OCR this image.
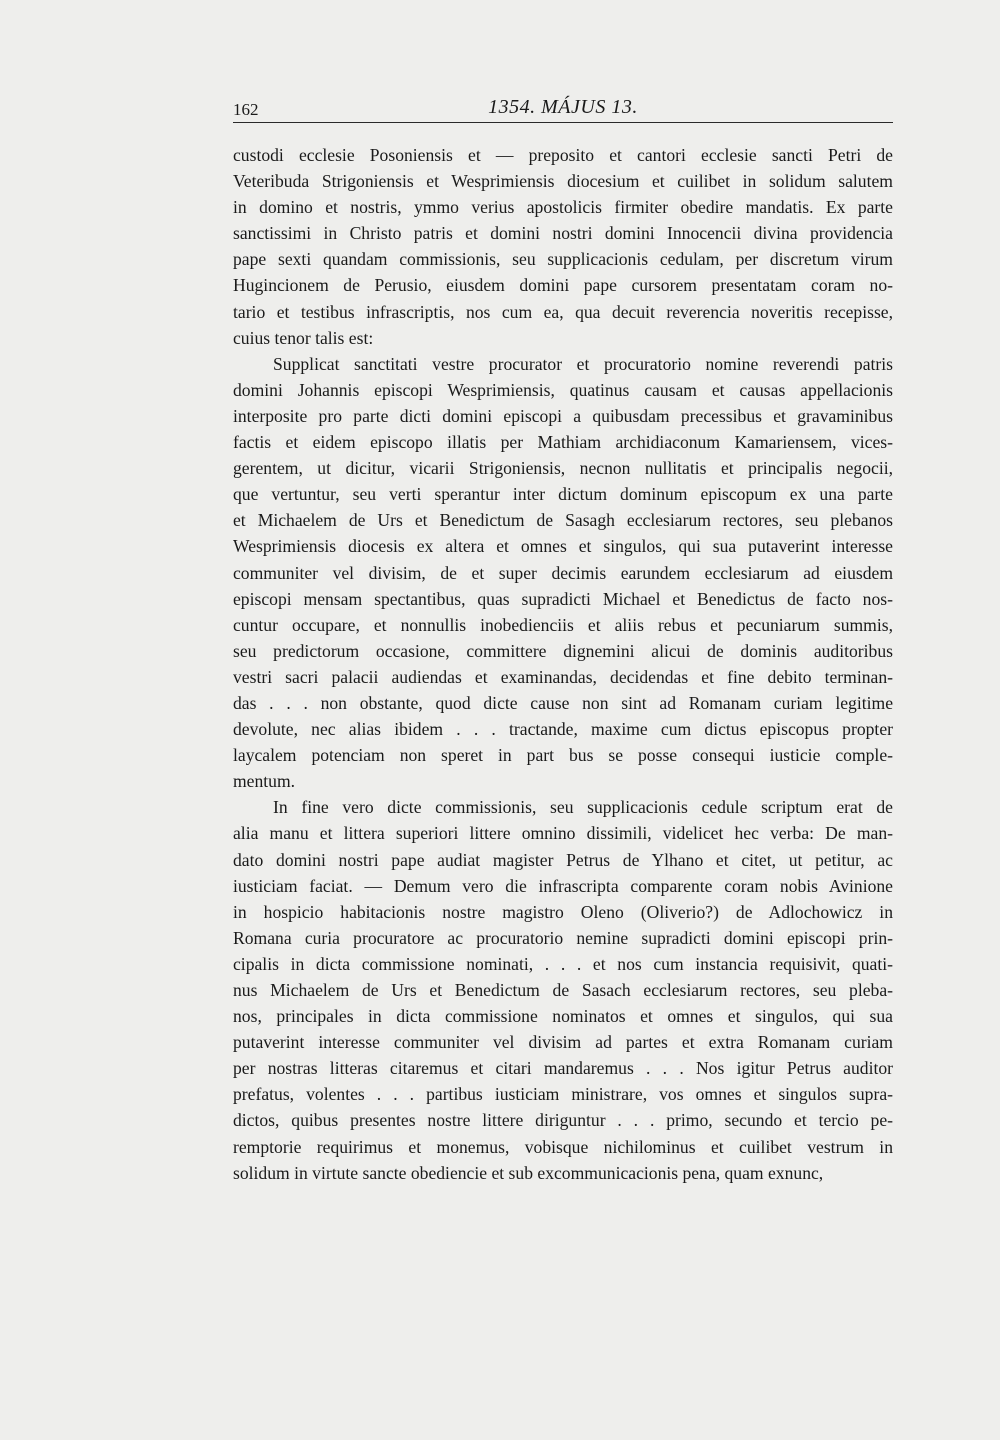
162	1354. MÁJUS 13.
custodi ecclesie Posoniensis et — preposito et cantori ecclesie sancti Petri de
Veteribuda Strigoniensis et Wesprimiensis diocesium et cuilibet in solidum salutem
in domino et nostris, ymmo verius apostolicis firmiter obedire mandatis. Ex parte
sanctissimi in Christo patris et domini nostri domini Innocencii divina providencia
pape sexti quandam commissionis, seu supplicacionis cedulam, per discretum virum
Hugincionem de Perusio, eiusdem domini pape cursorem presentatam coram no-
tario et testibus infrascriptis, nos cum ea, qua decuit reverencia noveritis recepisse,
cuius tenor talis est:
Supplicat sanctitati vestre procurator et procuratorio nomine reverendi patris
domini Johannis episcopi Wesprimiensis, quatinus causam et causas appellacionis
interposite pro parte dicti domini episcopi a quibusdam precessibus et gravaminibus
factis et eidem episcopo illatis per Mathiam archidiaconum Kamariensem, vices-
gerentem, ut dicitur, vicarii Strigoniensis, necnon nullitatis et principalis negocii,
que vertuntur, seu verti sperantur inter dictum dominum episcopum ex una parte
et Michaelem de Urs et Benedictum de Sasagh ecclesiarum rectores, seu plebanos
Wesprimiensis diocesis ex altera et omnes et singulos, qui sua putaverint interesse
communiter vel divisim, de et super decimis earundem ecclesiarum ad eiusdem
episcopi mensam spectantibus, quas supradicti Michael et Benedictus de facto nos-
cuntur occupare, et nonnullis inobedienciis et aliis rebus et pecuniarum summis,
seu predictorum occasione, committere dignemini alicui de dominis auditoribus
vestri sacri palacii audiendas et examinandas, decidendas et fine debito terminan-
das . . . non obstante, quod dicte cause non sint ad Romanam curiam legitime
devolute, nec alias ibidem . . . tractande, maxime cum dictus episcopus propter
laycalem potenciam non speret in part bus se posse consequi iusticie comple-
mentum.
In fine vero dicte commissionis, seu supplicacionis cedule scriptum erat de
alia manu et littera superiori littere omnino dissimili, videlicet hec verba: De man-
dato domini nostri pape audiat magister Petrus de Ylhano et citet, ut petitur, ac
iusticiam faciat. — Demum vero die infrascripta comparente coram nobis Avinione
in hospicio habitacionis nostre magistro Oleno (Oliverio?) de Adlochowicz in
Romana curia procuratore ac procuratorio nemine supradicti domini episcopi prin-
cipalis in dicta commissione nominati, . . . et nos cum instancia requisivit, quati-
nus Michaelem de Urs et Benedictum de Sasach ecclesiarum rectores, seu pleba-
nos, principales in dicta commissione nominatos et omnes et singulos, qui sua
putaverint interesse communiter vel divisim ad partes et extra Romanam curiam
per nostras litteras citaremus et citari mandaremus . . . Nos igitur Petrus auditor
prefatus, volentes . . . partibus iusticiam ministrare, vos omnes et singulos supra-
dictos, quibus presentes nostre littere diriguntur . . . primo, secundo et tercio pe-
remptorie requirimus et monemus, vobisque nichilominus et cuilibet vestrum in
solidum in virtute sancte obediencie et sub excommunicacionis pena, quam exnunc,
